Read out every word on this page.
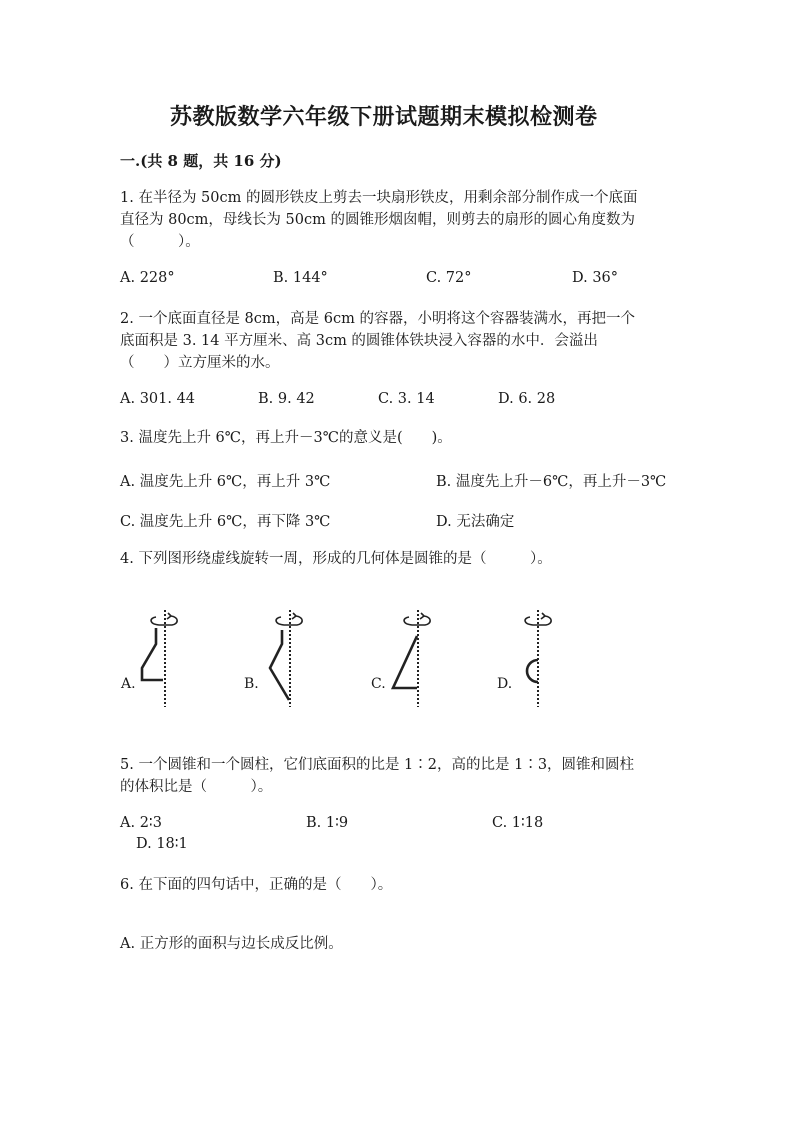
苏教版数学六年级下册试题期末模拟检测卷
一.(共 8 题，共 16 分)
1. 在半径为 50cm 的圆形铁皮上剪去一块扇形铁皮，用剩余部分制作成一个底面
直径为 80cm，母线长为 50cm 的圆锥形烟囱帽，则剪去的扇形的圆心角度数为
（　　　）。
A. 228°	B. 144°	C. 72°	D. 36°
2. 一个底面直径是 8cm，高是 6cm 的容器，小明将这个容器装满水，再把一个
底面积是 3. 14 平方厘米、高 3cm 的圆锥体铁块浸入容器的水中．会溢出
（　　）立方厘米的水。
A. 301. 44	B. 9. 42	C. 3. 14	D. 6. 28
3. 温度先上升 6℃，再上升－3℃的意义是(　　)。
A. 温度先上升 6℃，再上升 3℃	B. 温度先上升－6℃，再上升－3℃
C. 温度先上升 6℃，再下降 3℃	D. 无法确定
4. 下列图形绕虚线旋转一周，形成的几何体是圆锥的是（　　　）。
A.	B.	C.	D.
5. 一个圆锥和一个圆柱，它们底面积的比是 1∶2，高的比是 1∶3，圆锥和圆柱
的体积比是（　　　）。
A. 2∶3	B. 1∶9	C. 1∶18
D. 18∶1
6. 在下面的四句话中，正确的是（　　）。
A. 正方形的面积与边长成反比例。
